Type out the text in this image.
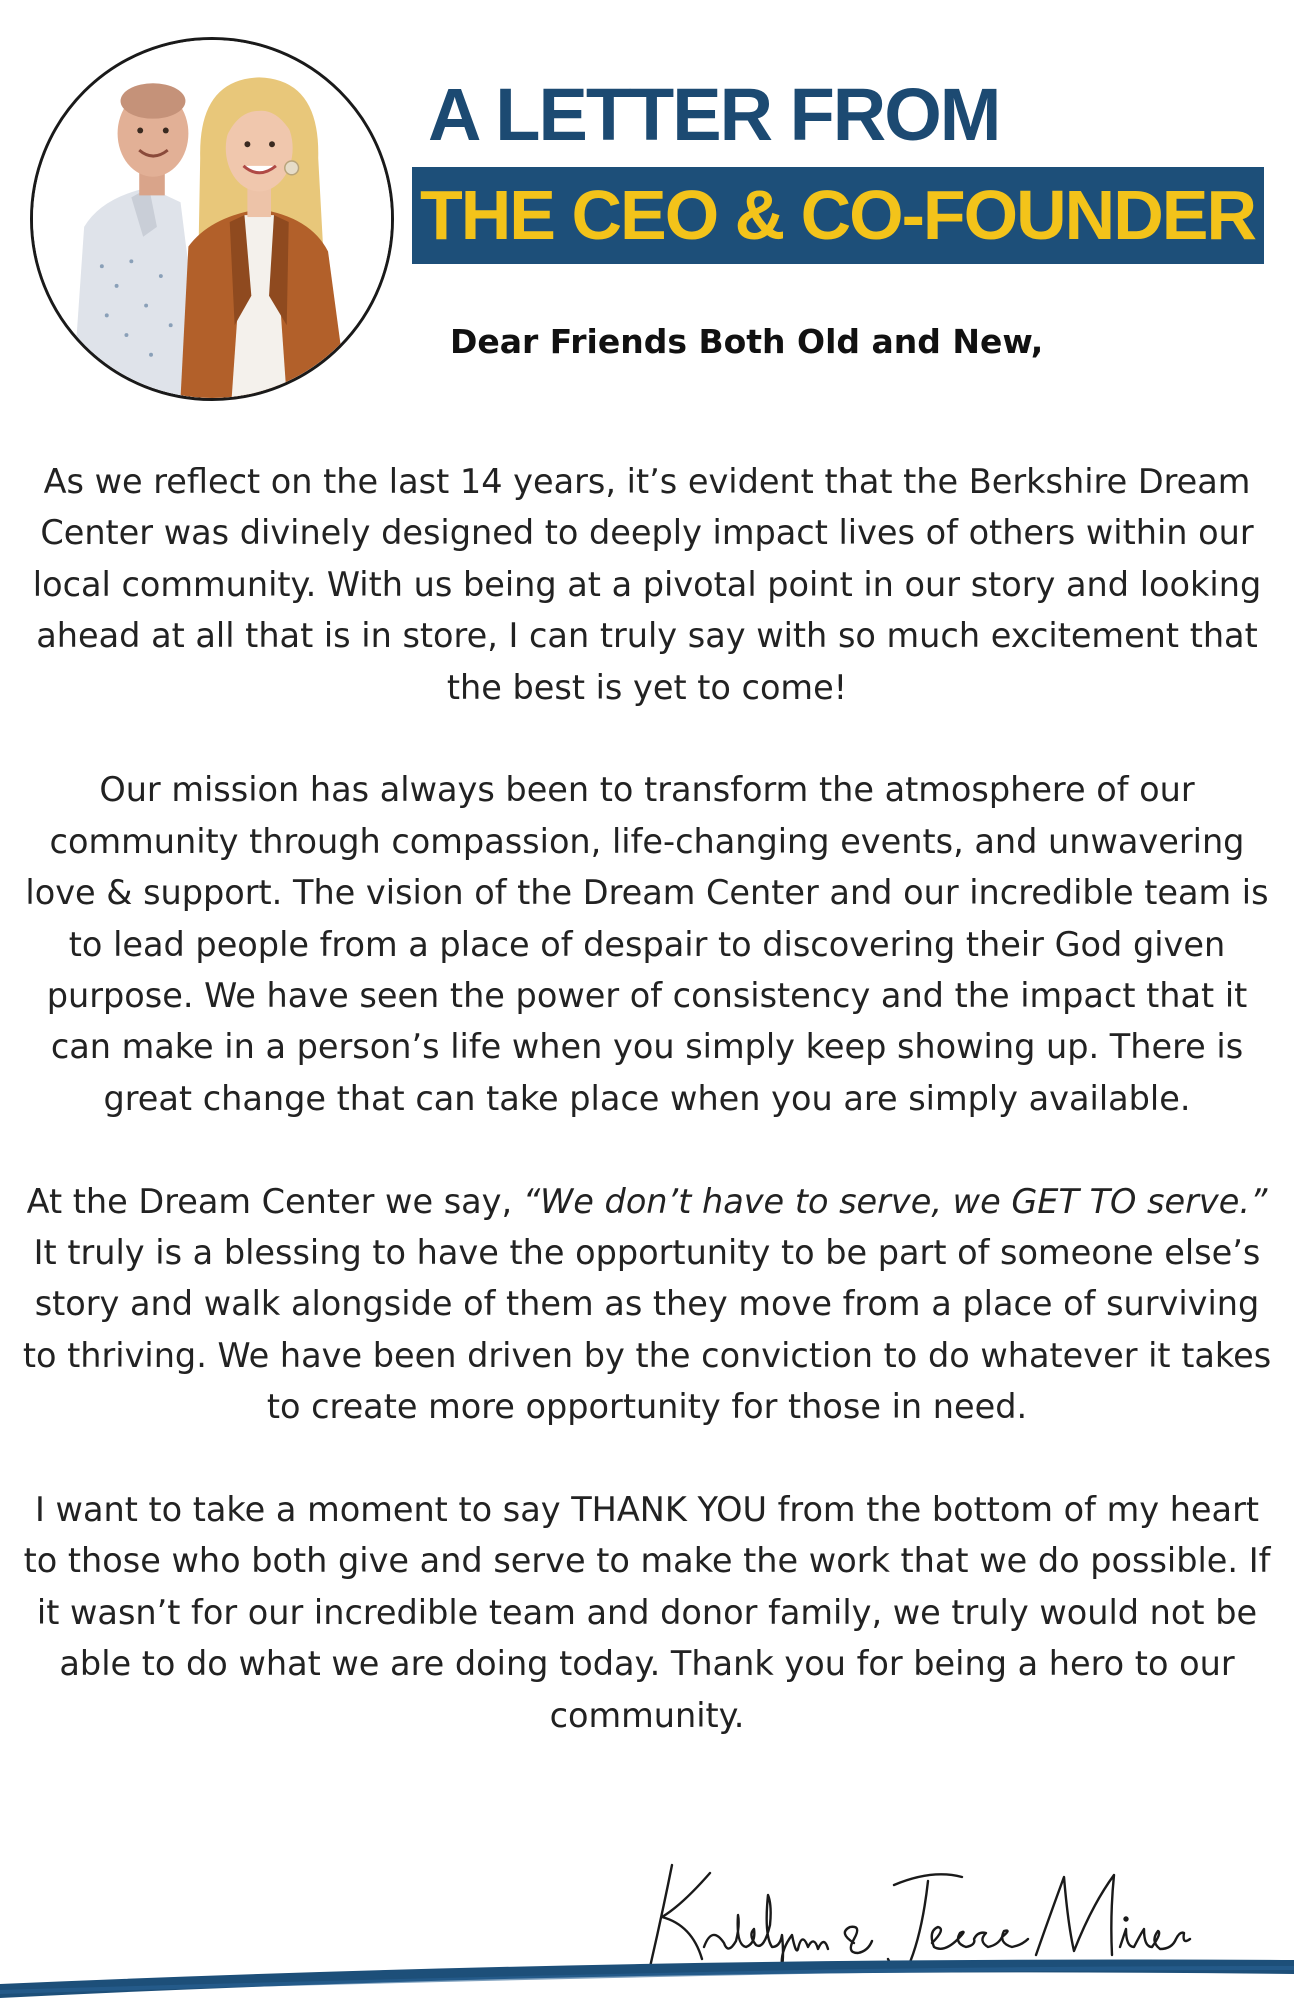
A LETTER FROM
THE CEO & CO-FOUNDER
Dear Friends Both Old and New,

As we reflect on the last 14 years, it’s evident that the Berkshire Dream Center was divinely designed to deeply impact lives of others within our local community. With us being at a pivotal point in our story and looking ahead at all that is in store, I can truly say with so much excitement that the best is yet to come!

Our mission has always been to transform the atmosphere of our community through compassion, life-changing events, and unwavering love & support. The vision of the Dream Center and our incredible team is to lead people from a place of despair to discovering their God given purpose. We have seen the power of consistency and the impact that it can make in a person’s life when you simply keep showing up. There is great change that can take place when you are simply available.

At the Dream Center we say, “We don’t have to serve, we GET TO serve.” It truly is a blessing to have the opportunity to be part of someone else’s story and walk alongside of them as they move from a place of surviving to thriving. We have been driven by the conviction to do whatever it takes to create more opportunity for those in need.

I want to take a moment to say THANK YOU from the bottom of my heart to those who both give and serve to make the work that we do possible. If it wasn’t for our incredible team and donor family, we truly would not be able to do what we are doing today. Thank you for being a hero to our community.
